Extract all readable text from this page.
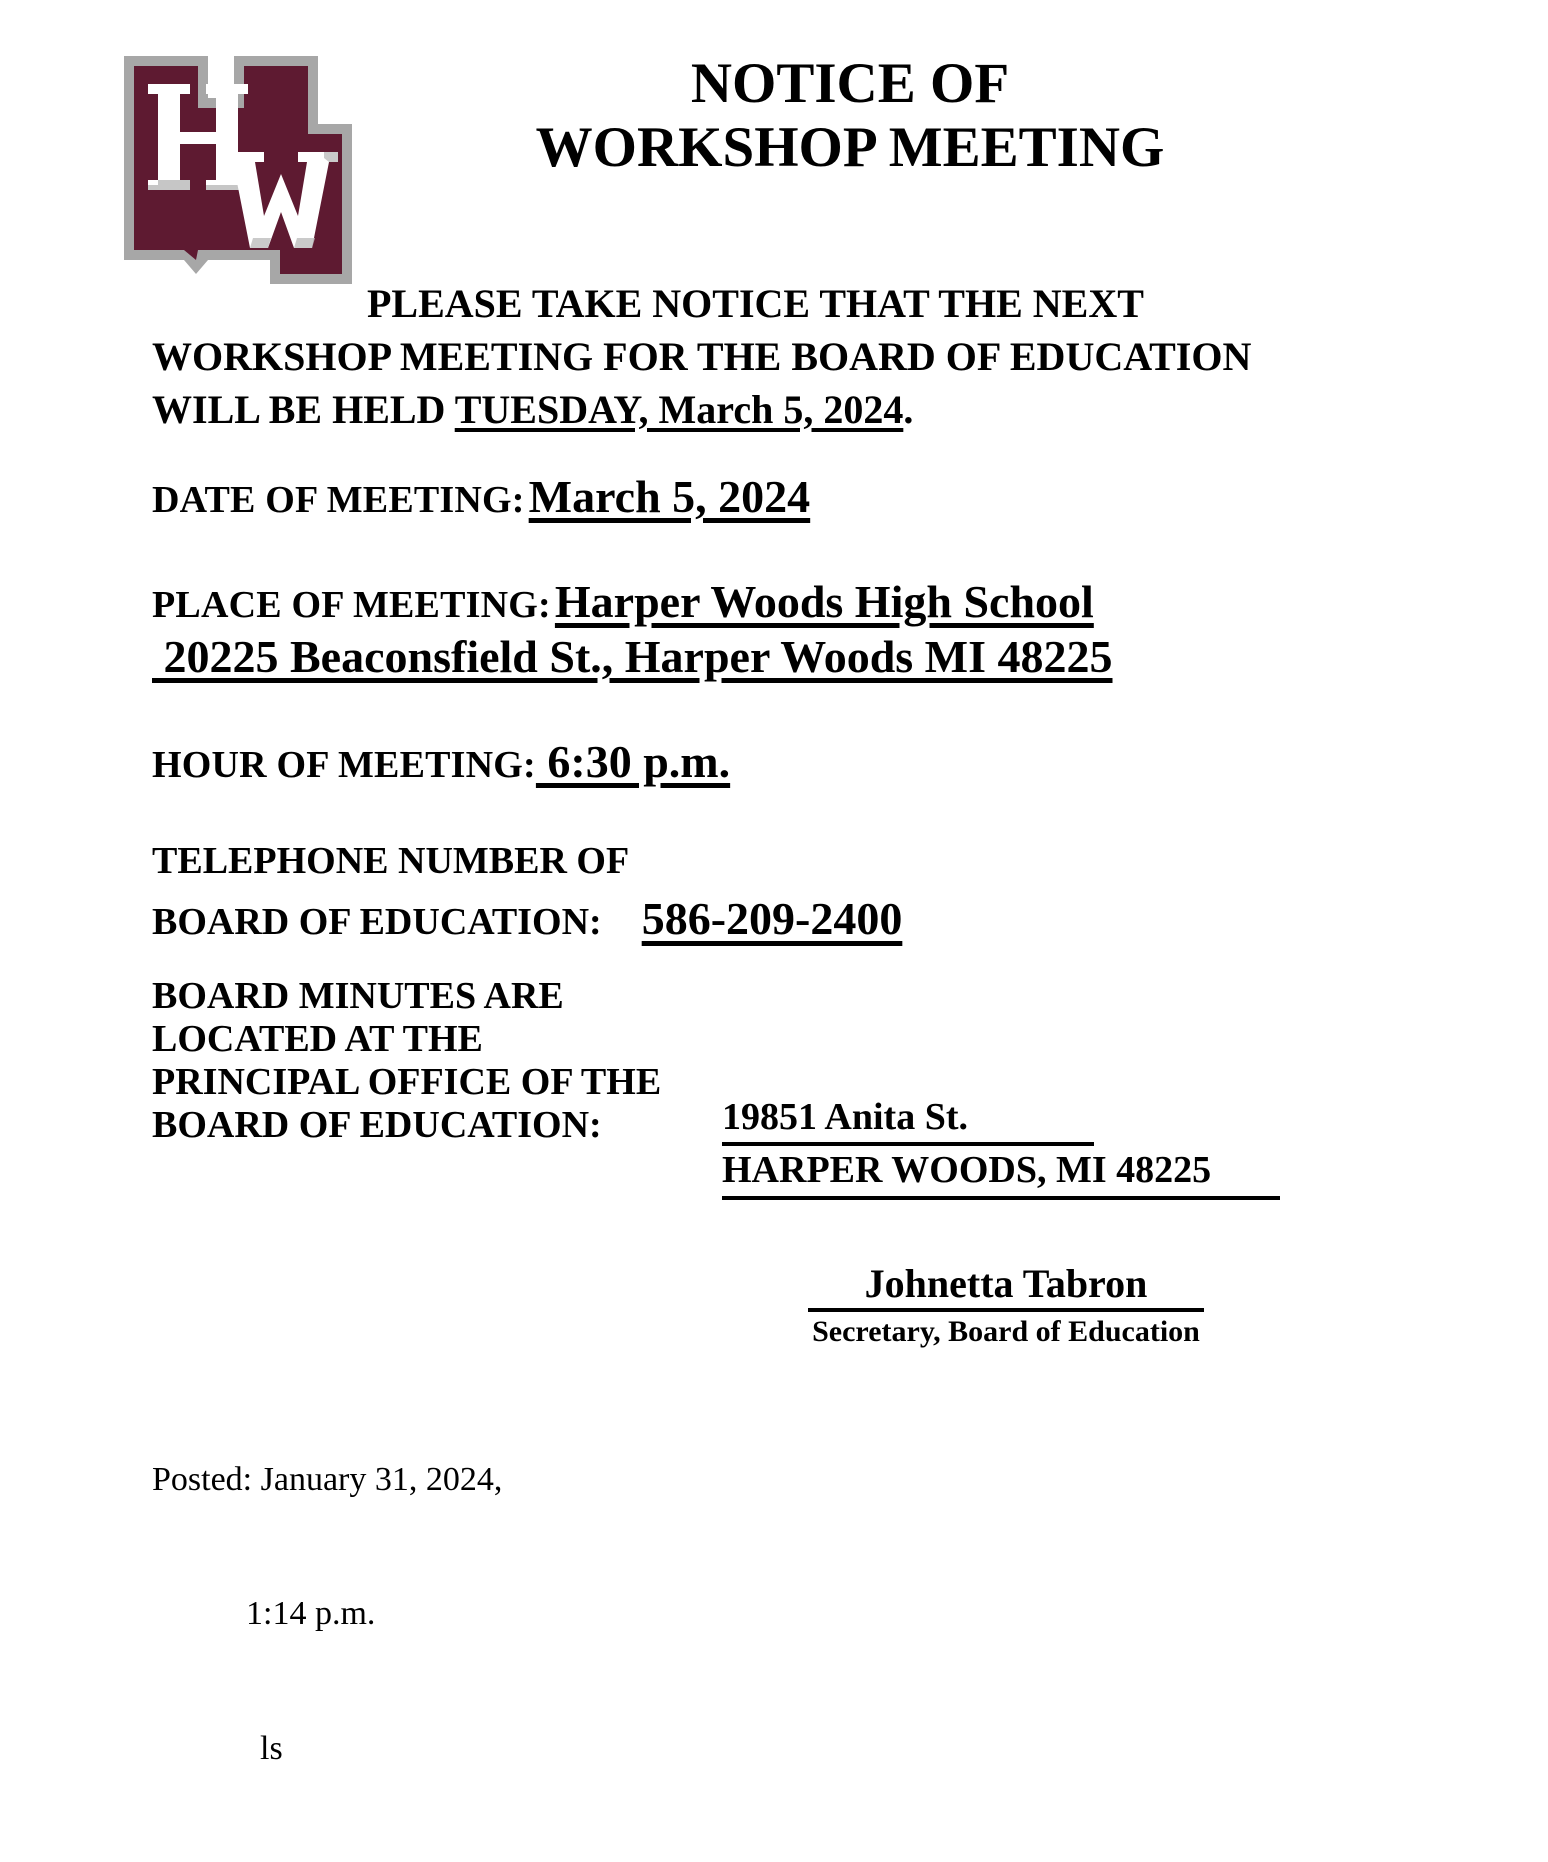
NOTICE OF
WORKSHOP MEETING
PLEASE TAKE NOTICE THAT THE NEXT
WORKSHOP MEETING FOR THE BOARD OF EDUCATION
WILL BE HELD TUESDAY, March 5, 2024.
DATE OF MEETING: March 5, 2024
PLACE OF MEETING: Harper Woods High School
20225 Beaconsfield St., Harper Woods MI 48225
HOUR OF MEETING: 6:30 p.m.
TELEPHONE NUMBER OF
BOARD OF EDUCATION: 586-209-2400
BOARD MINUTES ARE
LOCATED AT THE
PRINCIPAL OFFICE OF THE
BOARD OF EDUCATION:	19851 Anita St.
HARPER WOODS, MI 48225
Johnetta Tabron
Secretary, Board of Education

Posted: January 31, 2024,

1:14 p.m.

ls
